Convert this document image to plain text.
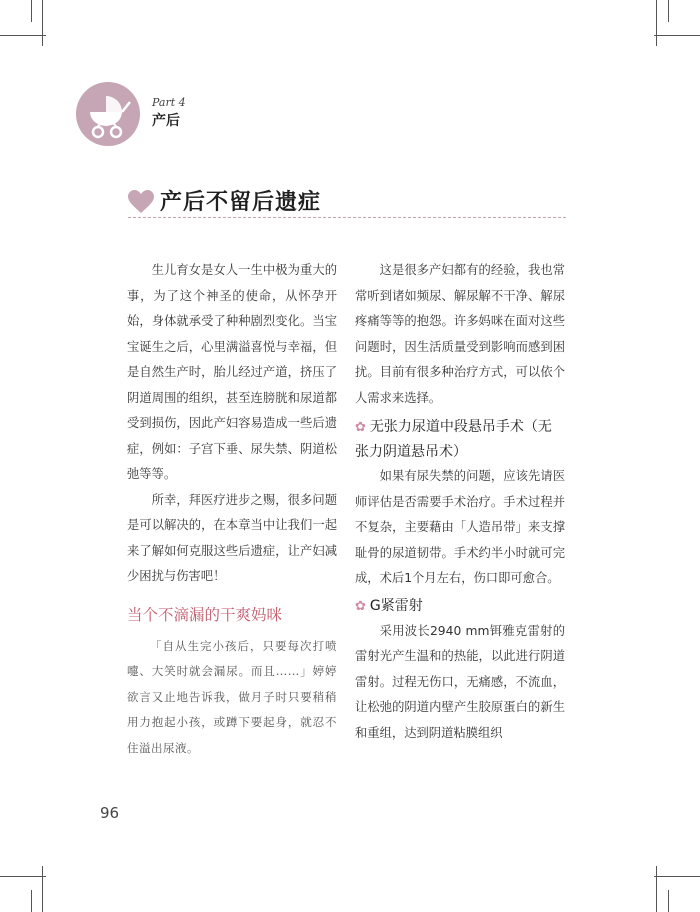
Part 4
产后
产后不留后遗症

生儿育女是女人一生中极为重大的事，为了这个神圣的使命，从怀孕开始，身体就承受了种种剧烈变化。当宝宝诞生之后，心里满溢喜悦与幸福，但是自然生产时，胎儿经过产道，挤压了阴道周围的组织，甚至连膀胱和尿道都受到损伤，因此产妇容易造成一些后遗症，例如：子宫下垂、尿失禁、阴道松弛等等。

所幸，拜医疗进步之赐，很多问题是可以解决的，在本章当中让我们一起来了解如何克服这些后遗症，让产妇减少困扰与伤害吧！

当个不滴漏的干爽妈咪

「自从生完小孩后，只要每次打喷嚏、大笑时就会漏尿。而且……」婷婷欲言又止地告诉我，做月子时只要稍稍用力抱起小孩，或蹲下要起身，就忍不住溢出尿液。

这是很多产妇都有的经验，我也常常听到诸如频尿、解尿解不干净、解尿疼痛等等的抱怨。许多妈咪在面对这些问题时，因生活质量受到影响而感到困扰。目前有很多种治疗方式，可以依个人需求来选择。

✿ 无张力尿道中段悬吊手术（无张力阴道悬吊术）

如果有尿失禁的问题，应该先请医师评估是否需要手术治疗。手术过程并不复杂，主要藉由「人造吊带」来支撑耻骨的尿道韧带。手术约半小时就可完成，术后1个月左右，伤口即可愈合。

✿ G紧雷射

采用波长2940 mm铒雅克雷射的雷射光产生温和的热能，以此进行阴道雷射。过程无伤口，无痛感，不流血，让松弛的阴道内壁产生胶原蛋白的新生和重组，达到阴道粘膜组织

96
